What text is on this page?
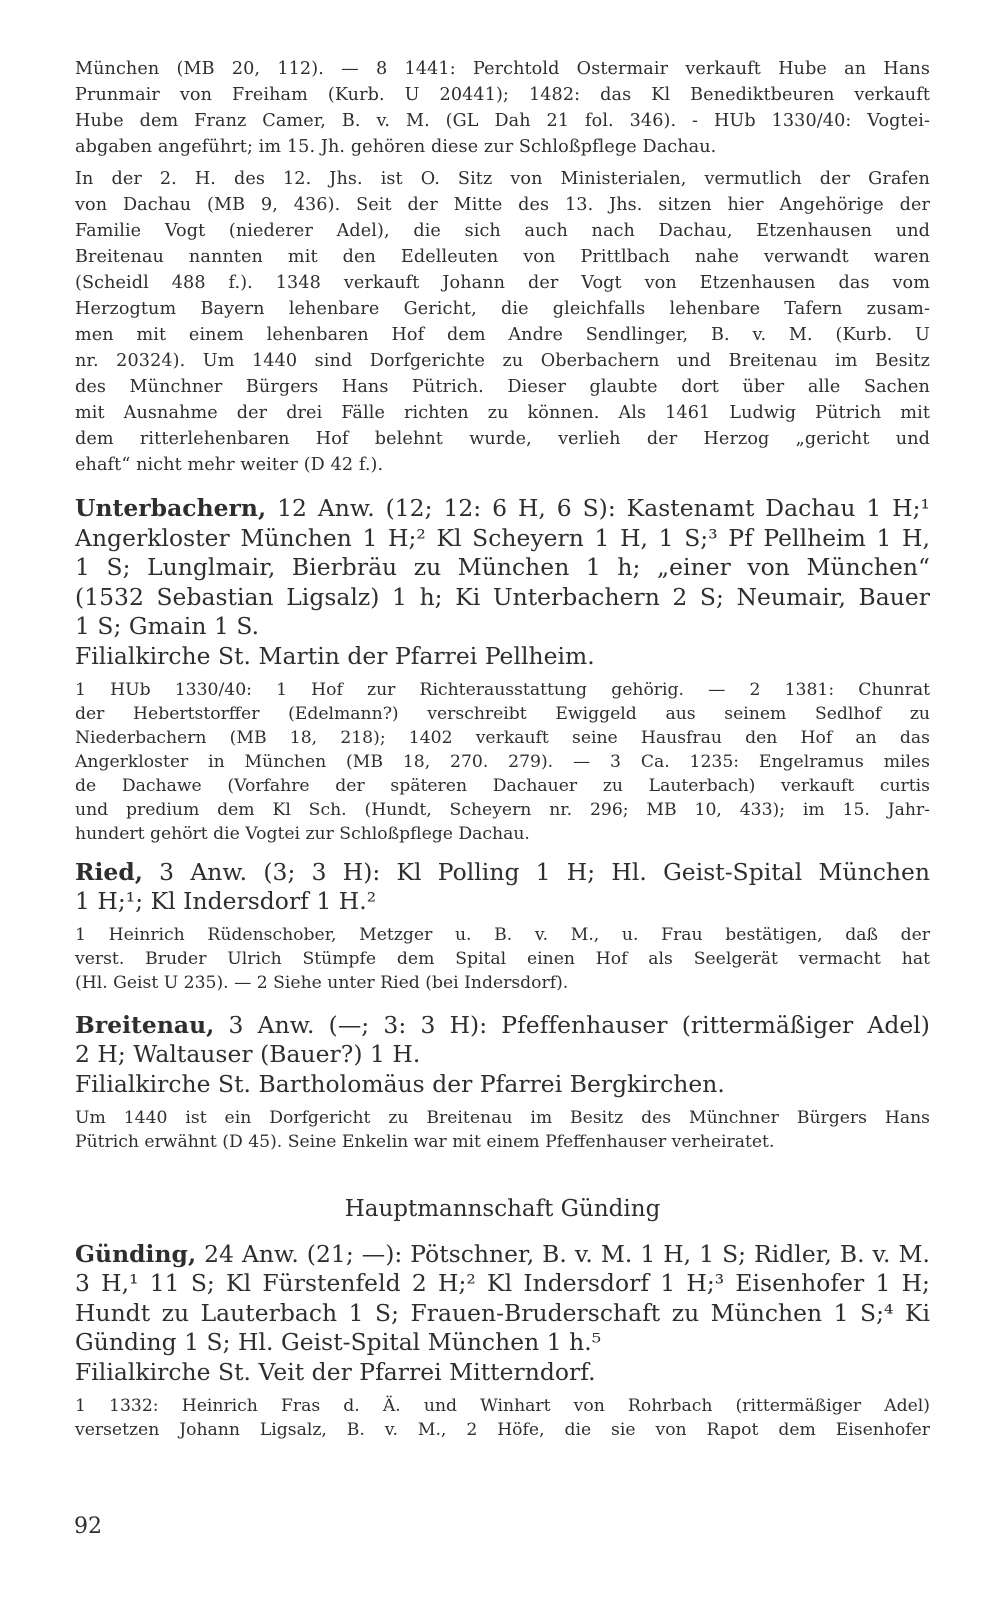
München (MB 20, 112). — 8 1441: Perchtold Ostermair verkauft Hube an Hans
Prunmair von Freiham (Kurb. U 20441); 1482: das Kl Benediktbeuren verkauft
Hube dem Franz Camer, B. v. M. (GL Dah 21 fol. 346). - HUb 1330/40: Vogtei-
abgaben angeführt; im 15. Jh. gehören diese zur Schloßpflege Dachau.
In der 2. H. des 12. Jhs. ist O. Sitz von Ministerialen, vermutlich der Grafen
von Dachau (MB 9, 436). Seit der Mitte des 13. Jhs. sitzen hier Angehörige der
Familie Vogt (niederer Adel), die sich auch nach Dachau, Etzenhausen und
Breitenau nannten mit den Edelleuten von Prittlbach nahe verwandt waren
(Scheidl 488 f.). 1348 verkauft Johann der Vogt von Etzenhausen das vom
Herzogtum Bayern lehenbare Gericht, die gleichfalls lehenbare Tafern zusam-
men mit einem lehenbaren Hof dem Andre Sendlinger, B. v. M. (Kurb. U
nr. 20324). Um 1440 sind Dorfgerichte zu Oberbachern und Breitenau im Besitz
des Münchner Bürgers Hans Pütrich. Dieser glaubte dort über alle Sachen
mit Ausnahme der drei Fälle richten zu können. Als 1461 Ludwig Pütrich mit
dem ritterlehenbaren Hof belehnt wurde, verlieh der Herzog „gericht und
ehaft“ nicht mehr weiter (D 42 f.).
Unterbachern, 12 Anw. (12; 12: 6 H, 6 S): Kastenamt Dachau 1 H;¹
Angerkloster München 1 H;² Kl Scheyern 1 H, 1 S;³ Pf Pellheim 1 H,
1 S; Lunglmair, Bierbräu zu München 1 h; „einer von München“
(1532 Sebastian Ligsalz) 1 h; Ki Unterbachern 2 S; Neumair, Bauer
1 S; Gmain 1 S.
Filialkirche St. Martin der Pfarrei Pellheim.
1 HUb 1330/40: 1 Hof zur Richterausstattung gehörig. — 2 1381: Chunrat
der Hebertstorffer (Edelmann?) verschreibt Ewiggeld aus seinem Sedlhof zu
Niederbachern (MB 18, 218); 1402 verkauft seine Hausfrau den Hof an das
Angerkloster in München (MB 18, 270. 279). — 3 Ca. 1235: Engelramus miles
de Dachawe (Vorfahre der späteren Dachauer zu Lauterbach) verkauft curtis
und predium dem Kl Sch. (Hundt, Scheyern nr. 296; MB 10, 433); im 15. Jahr-
hundert gehört die Vogtei zur Schloßpflege Dachau.
Ried, 3 Anw. (3; 3 H): Kl Polling 1 H; Hl. Geist-Spital München
1 H;¹; Kl Indersdorf 1 H.²
1 Heinrich Rüdenschober, Metzger u. B. v. M., u. Frau bestätigen, daß der
verst. Bruder Ulrich Stümpfe dem Spital einen Hof als Seelgerät vermacht hat
(Hl. Geist U 235). — 2 Siehe unter Ried (bei Indersdorf).
Breitenau, 3 Anw. (—; 3: 3 H): Pfeffenhauser (rittermäßiger Adel)
2 H; Waltauser (Bauer?) 1 H.
Filialkirche St. Bartholomäus der Pfarrei Bergkirchen.
Um 1440 ist ein Dorfgericht zu Breitenau im Besitz des Münchner Bürgers Hans
Pütrich erwähnt (D 45). Seine Enkelin war mit einem Pfeffenhauser verheiratet.
Hauptmannschaft Günding
Günding, 24 Anw. (21; —): Pötschner, B. v. M. 1 H, 1 S; Ridler, B. v. M.
3 H,¹ 11 S; Kl Fürstenfeld 2 H;² Kl Indersdorf 1 H;³ Eisenhofer 1 H;
Hundt zu Lauterbach 1 S; Frauen-Bruderschaft zu München 1 S;⁴ Ki
Günding 1 S; Hl. Geist-Spital München 1 h.⁵
Filialkirche St. Veit der Pfarrei Mitterndorf.
1 1332: Heinrich Fras d. Ä. und Winhart von Rohrbach (rittermäßiger Adel)
versetzen Johann Ligsalz, B. v. M., 2 Höfe, die sie von Rapot dem Eisenhofer
92
